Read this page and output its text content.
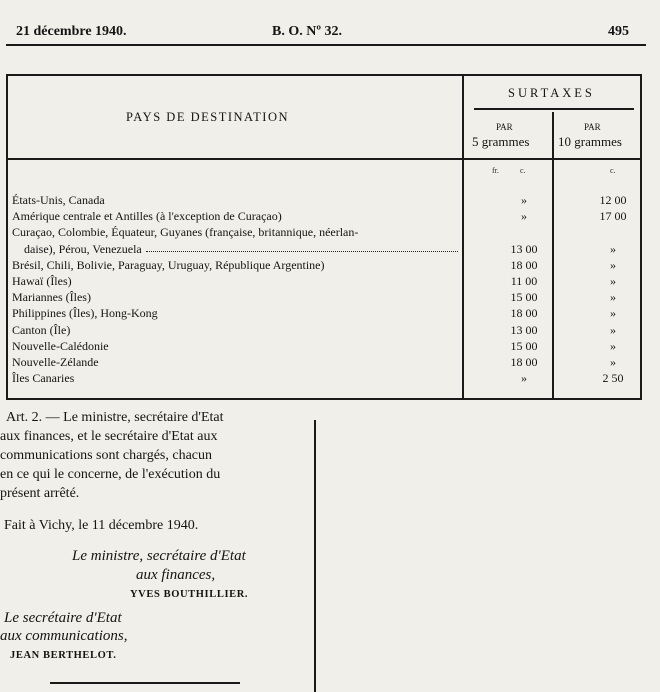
21 décembre 1940.	B. O. Nº 32.	495
PAYS DE DESTINATION
SURTAXES
PAR
5 grammes
PAR
10 grammes
fr.	c.	c.
États-Unis, Canada	»	12 00
Amérique centrale et Antilles (à l'exception de Curaçao)	»	17 00
Curaçao, Colombie, Équateur, Guyanes (française, britannique, néerlan-
daise), Pérou, Venezuela	13 00	»
Brésil, Chili, Bolivie, Paraguay, Uruguay, République Argentine)	18 00	»
Hawaï (Îles)	11 00	»
Mariannes (Îles)	15 00	»
Philippines (Îles), Hong-Kong	18 00	»
Canton (Île)	13 00	»
Nouvelle-Calédonie	15 00	»
Nouvelle-Zélande	18 00	»
Îles Canaries	»	2 50
Art. 2. — Le ministre, secrétaire d'Etat
aux finances, et le secrétaire d'Etat aux
communications sont chargés, chacun
en ce qui le concerne, de l'exécution du
présent arrêté.
Fait à Vichy, le 11 décembre 1940.
Le ministre, secrétaire d'Etat
aux finances,
YVES BOUTHILLIER.
Le secrétaire d'Etat
aux communications,
JEAN BERTHELOT.
